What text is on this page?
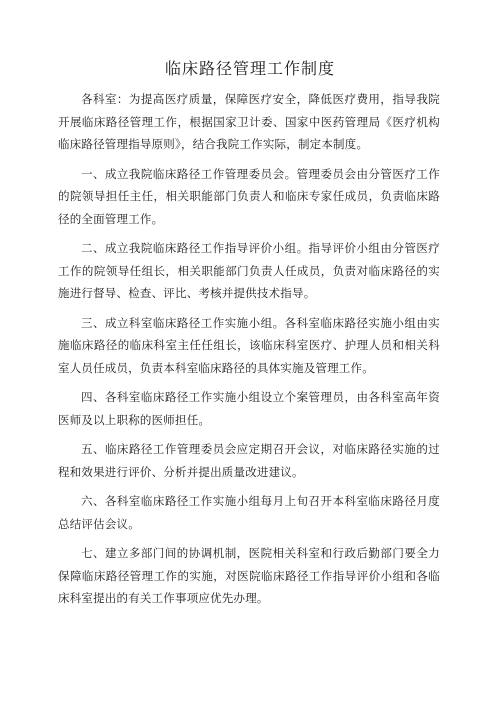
临床路径管理工作制度

各科室：为提高医疗质量，保障医疗安全，降低医疗费用，指导我院开展临床路径管理工作，根据国家卫计委、国家中医药管理局《医疗机构临床路径管理指导原则》，结合我院工作实际，制定本制度。

一、成立我院临床路径工作管理委员会。管理委员会由分管医疗工作的院领导担任主任，相关职能部门负责人和临床专家任成员，负责临床路径的全面管理工作。

二、成立我院临床路径工作指导评价小组。指导评价小组由分管医疗工作的院领导任组长，相关职能部门负责人任成员，负责对临床路径的实施进行督导、检查、评比、考核并提供技术指导。

三、成立科室临床路径工作实施小组。各科室临床路径实施小组由实施临床路径的临床科室主任任组长，该临床科室医疗、护理人员和相关科室人员任成员，负责本科室临床路径的具体实施及管理工作。

四、各科室临床路径工作实施小组设立个案管理员，由各科室高年资医师及以上职称的医师担任。

五、临床路径工作管理委员会应定期召开会议，对临床路径实施的过程和效果进行评价、分析并提出质量改进建议。

六、各科室临床路径工作实施小组每月上旬召开本科室临床路径月度总结评估会议。

七、建立多部门间的协调机制，医院相关科室和行政后勤部门要全力保障临床路径管理工作的实施，对医院临床路径工作指导评价小组和各临床科室提出的有关工作事项应优先办理。
